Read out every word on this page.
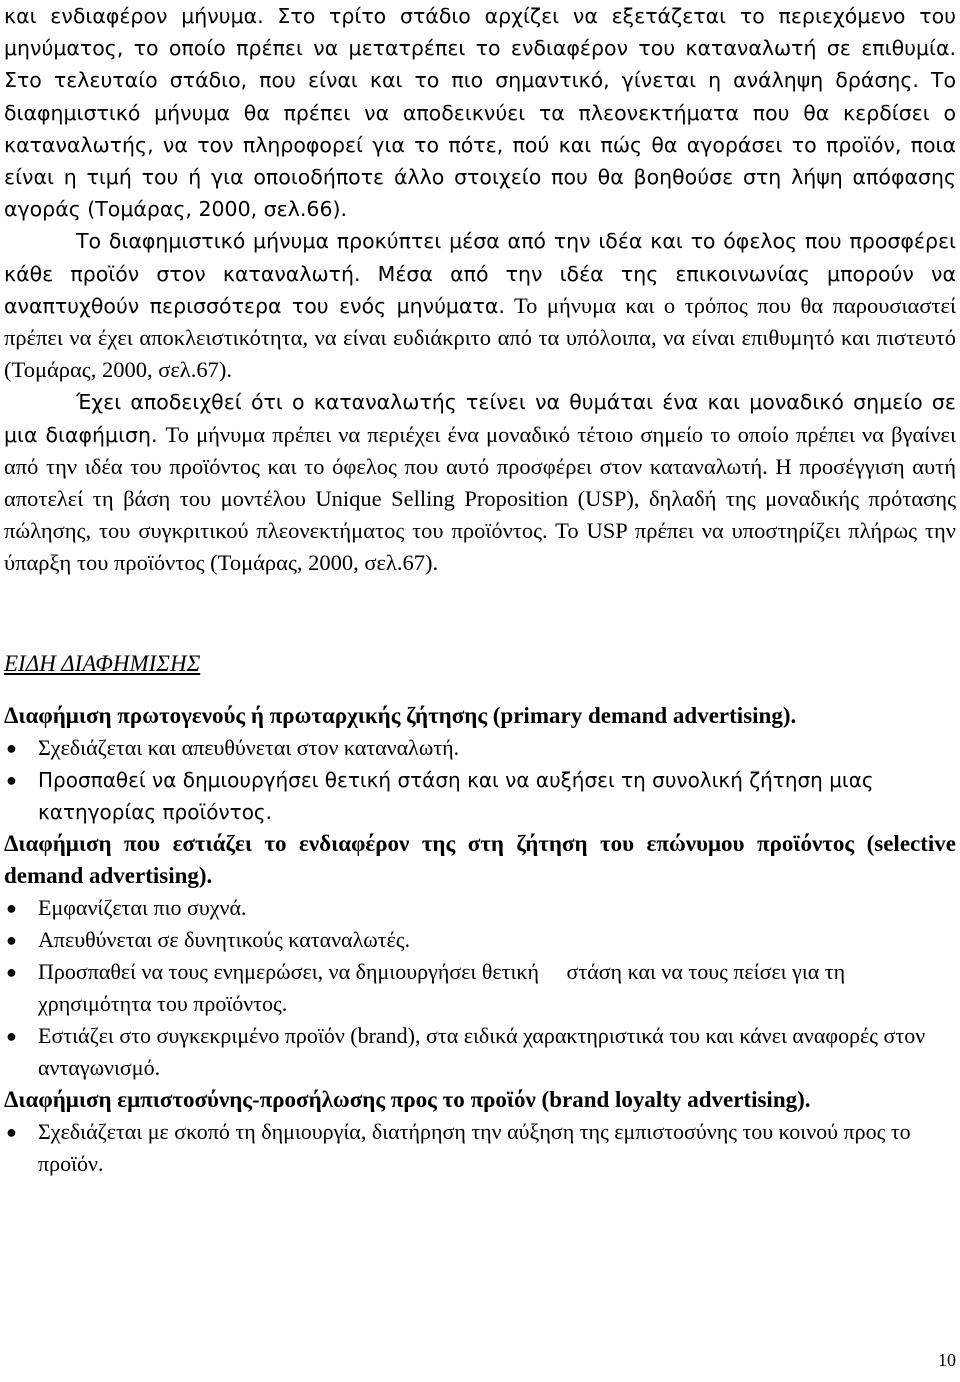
και ενδιαφέρον μήνυμα. Στο τρίτο στάδιο αρχίζει να εξετάζεται το περιεχόμενο του μηνύματος, το οποίο πρέπει να μετατρέπει το ενδιαφέρον του καταναλωτή σε επιθυμία. Στο τελευταίο στάδιο, που είναι και το πιο σημαντικό, γίνεται η ανάληψη δράσης. Το διαφημιστικό μήνυμα θα πρέπει να αποδεικνύει τα πλεονεκτήματα που θα κερδίσει ο καταναλωτής, να τον πληροφορεί για το πότε, πού και πώς θα αγοράσει το προϊόν, ποια είναι η τιμή του ή για οποιοδήποτε άλλο στοιχείο που θα βοηθούσε στη λήψη απόφασης αγοράς (Τομάρας, 2000, σελ.66).

Το διαφημιστικό μήνυμα προκύπτει μέσα από την ιδέα και το όφελος που προσφέρει κάθε προϊόν στον καταναλωτή. Μέσα από την ιδέα της επικοινωνίας μπορούν να αναπτυχθούν περισσότερα του ενός μηνύματα. Το μήνυμα και ο τρόπος που θα παρουσιαστεί πρέπει να έχει αποκλειστικότητα, να είναι ευδιάκριτο από τα υπόλοιπα, να είναι επιθυμητό και πιστευτό (Τομάρας, 2000, σελ.67).

Έχει αποδειχθεί ότι ο καταναλωτής τείνει να θυμάται ένα και μοναδικό σημείο σε μια διαφήμιση. Το μήνυμα πρέπει να περιέχει ένα μοναδικό τέτοιο σημείο το οποίο πρέπει να βγαίνει από την ιδέα του προϊόντος και το όφελος που αυτό προσφέρει στον καταναλωτή. Η προσέγγιση αυτή αποτελεί τη βάση του μοντέλου Unique Selling Proposition (USP), δηλαδή της μοναδικής πρότασης πώλησης, του συγκριτικού πλεονεκτήματος του προϊόντος. Το USP πρέπει να υποστηρίζει πλήρως την ύπαρξη του προϊόντος (Τομάρας, 2000, σελ.67).

ΕΙΔΗ ΔΙΑΦΗΜΙΣΗΣ

Διαφήμιση πρωτογενούς ή πρωταρχικής ζήτησης (primary demand advertising).

● Σχεδιάζεται και απευθύνεται στον καταναλωτή.
● Προσπαθεί να δημιουργήσει θετική στάση και να αυξήσει τη συνολική ζήτηση μιας κατηγορίας προϊόντος.

Διαφήμιση που εστιάζει το ενδιαφέρον της στη ζήτηση του επώνυμου προϊόντος (selective demand advertising).

● Εμφανίζεται πιο συχνά.
● Απευθύνεται σε δυνητικούς καταναλωτές.
● Προσπαθεί να τους ενημερώσει, να δημιουργήσει θετική     στάση και να τους πείσει για τη χρησιμότητα του προϊόντος.
● Εστιάζει στο συγκεκριμένο προϊόν (brand), στα ειδικά χαρακτηριστικά του και κάνει αναφορές στον ανταγωνισμό.

Διαφήμιση εμπιστοσύνης-προσήλωσης προς το προϊόν (brand loyalty advertising).

● Σχεδιάζεται με σκοπό τη δημιουργία, διατήρηση την αύξηση της εμπιστοσύνης του κοινού προς το προϊόν.
10
